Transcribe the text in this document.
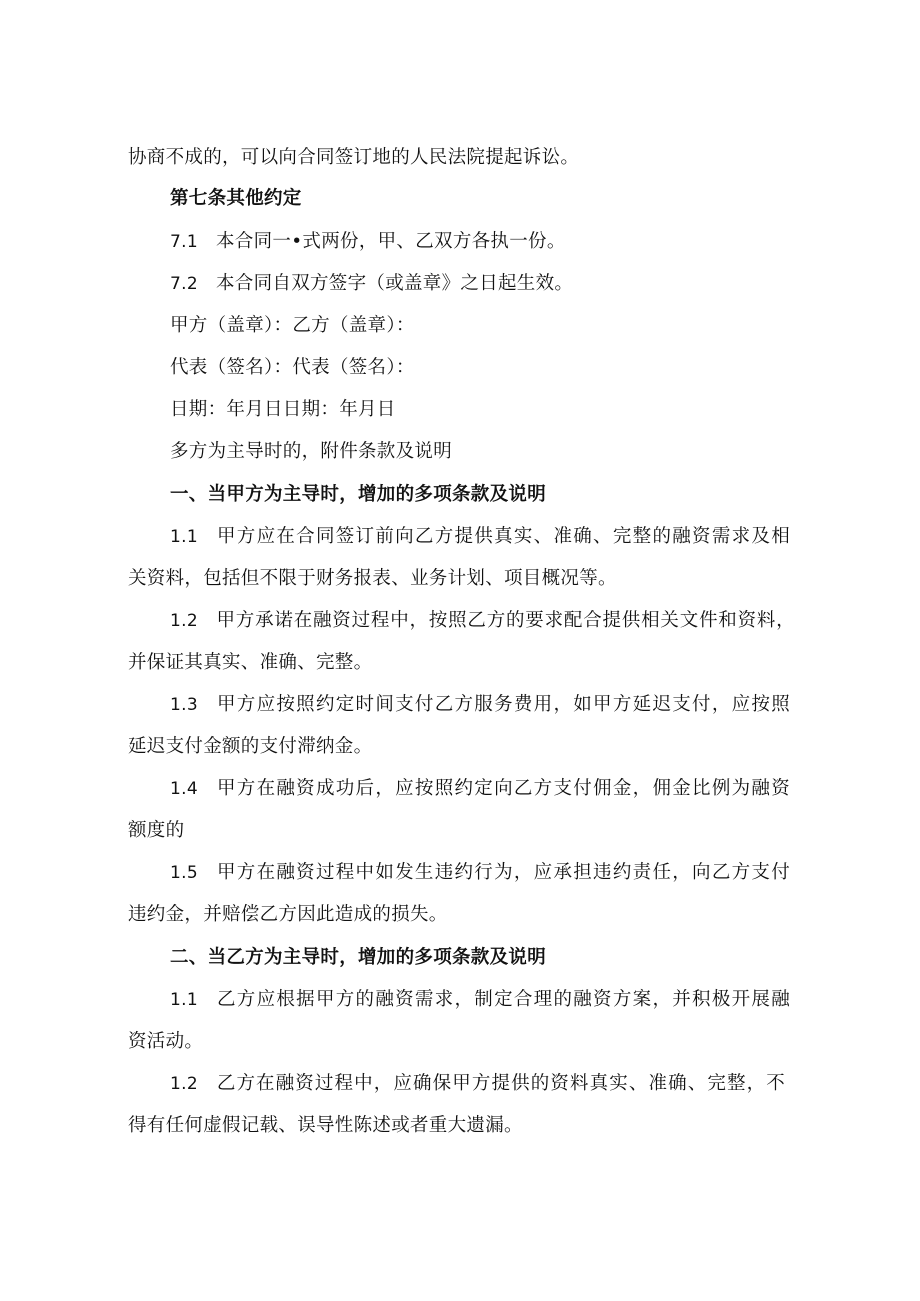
协商不成的，可以向合同签订地的人民法院提起诉讼。
第七条其他约定
7.1 本合同一•式两份，甲、乙双方各执一份。
7.2 本合同自双方签字（或盖章》之日起生效。
甲方（盖章）：乙方（盖章）：
代表（签名）：代表（签名）：
日期：年月日日期：年月日
多方为主导时的，附件条款及说明
一、当甲方为主导时，增加的多项条款及说明
1.1 甲方应在合同签订前向乙方提供真实、准确、完整的融资需求及相
关资料，包括但不限于财务报表、业务计划、项目概况等。
1.2 甲方承诺在融资过程中，按照乙方的要求配合提供相关文件和资料，
并保证其真实、准确、完整。
1.3 甲方应按照约定时间支付乙方服务费用，如甲方延迟支付，应按照
延迟支付金额的支付滞纳金。
1.4 甲方在融资成功后，应按照约定向乙方支付佣金，佣金比例为融资
额度的
1.5 甲方在融资过程中如发生违约行为，应承担违约责任，向乙方支付
违约金，并赔偿乙方因此造成的损失。
二、当乙方为主导时，增加的多项条款及说明
1.1 乙方应根据甲方的融资需求，制定合理的融资方案，并积极开展融
资活动。
1.2 乙方在融资过程中，应确保甲方提供的资料真实、准确、完整，不
得有任何虚假记载、误导性陈述或者重大遗漏。
